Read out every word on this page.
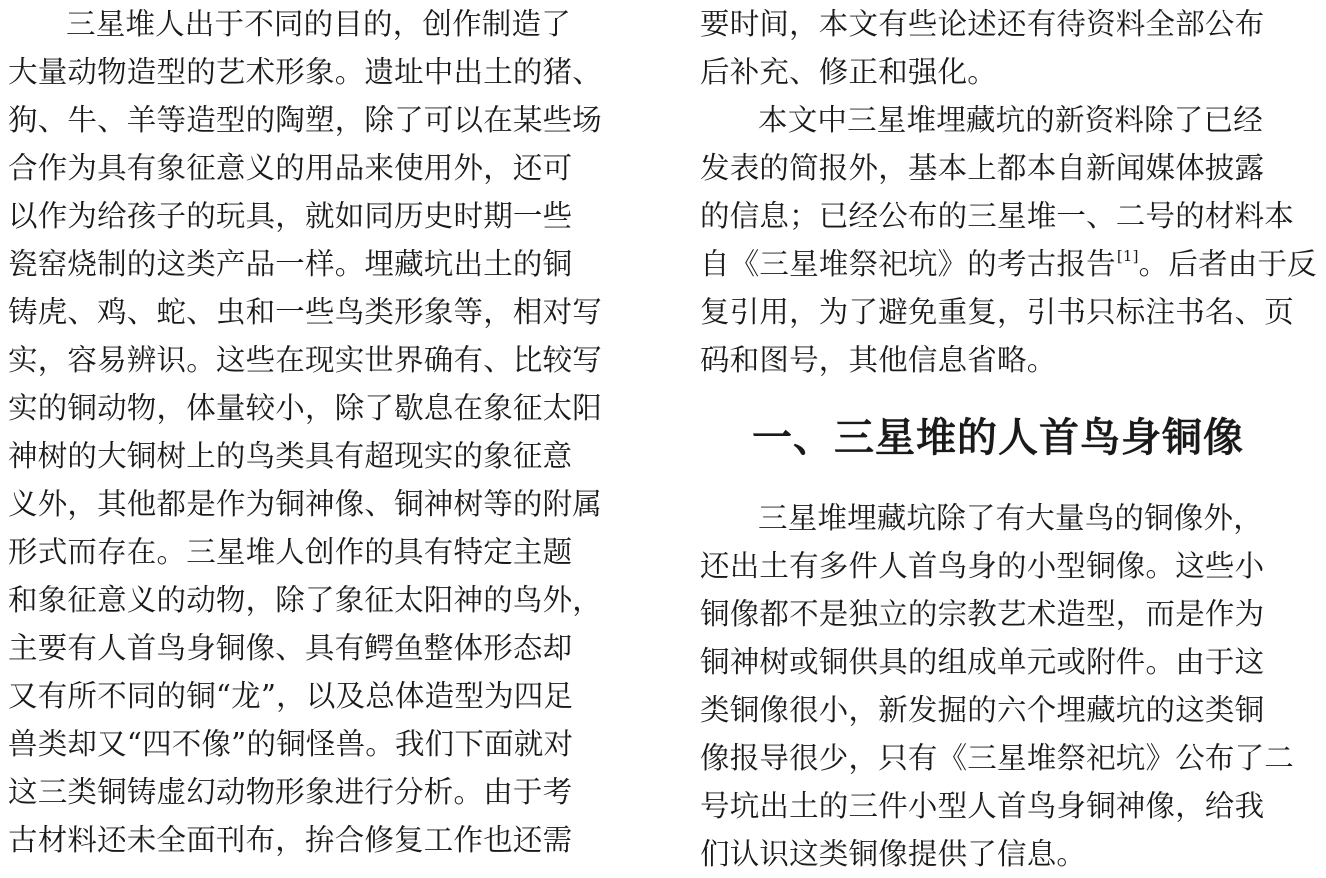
三星堆人出于不同的目的，创作制造了
大量动物造型的艺术形象。遗址中出土的猪、
狗、牛、羊等造型的陶塑，除了可以在某些场
合作为具有象征意义的用品来使用外，还可
以作为给孩子的玩具，就如同历史时期一些
瓷窑烧制的这类产品一样。埋藏坑出土的铜
铸虎、鸡、蛇、虫和一些鸟类形象等，相对写
实，容易辨识。这些在现实世界确有、比较写
实的铜动物，体量较小，除了歇息在象征太阳
神树的大铜树上的鸟类具有超现实的象征意
义外，其他都是作为铜神像、铜神树等的附属
形式而存在。三星堆人创作的具有特定主题
和象征意义的动物，除了象征太阳神的鸟外，
主要有人首鸟身铜像、具有鳄鱼整体形态却
又有所不同的铜“龙”，以及总体造型为四足
兽类却又“四不像”的铜怪兽。我们下面就对
这三类铜铸虚幻动物形象进行分析。由于考
古材料还未全面刊布，拚合修复工作也还需
要时间，本文有些论述还有待资料全部公布
后补充、修正和强化。
本文中三星堆埋藏坑的新资料除了已经
发表的简报外，基本上都本自新闻媒体披露
的信息；已经公布的三星堆一、二号的材料本
自《三星堆祭祀坑》的考古报告[1]。后者由于反
复引用，为了避免重复，引书只标注书名、页
码和图号，其他信息省略。
一、三星堆的人首鸟身铜像
三星堆埋藏坑除了有大量鸟的铜像外，
还出土有多件人首鸟身的小型铜像。这些小
铜像都不是独立的宗教艺术造型，而是作为
铜神树或铜供具的组成单元或附件。由于这
类铜像很小，新发掘的六个埋藏坑的这类铜
像报导很少，只有《三星堆祭祀坑》公布了二
号坑出土的三件小型人首鸟身铜神像，给我
们认识这类铜像提供了信息。
